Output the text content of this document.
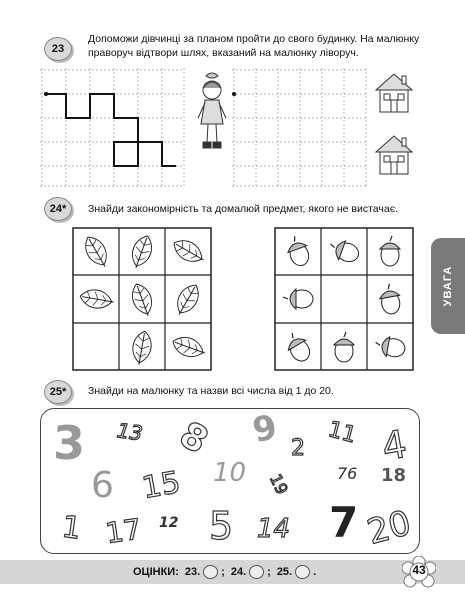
23
Допоможи дівчинці за планом пройти до свого будинку. На малюнку
праворуч відтвори шлях, вказаний на малюнку ліворуч.
24*	Знайди закономірність та домалюй предмет, якого не вистачає.
УВАГА
25*	Знайди на малюнку та назви всі числа від 1 до 20.
3 13 8 9 2 11 4
6 15 10 19	76 18
1 17 12 5 14 7 20
ОЦІНКИ: 23. ; 24. ; 25. .	43
